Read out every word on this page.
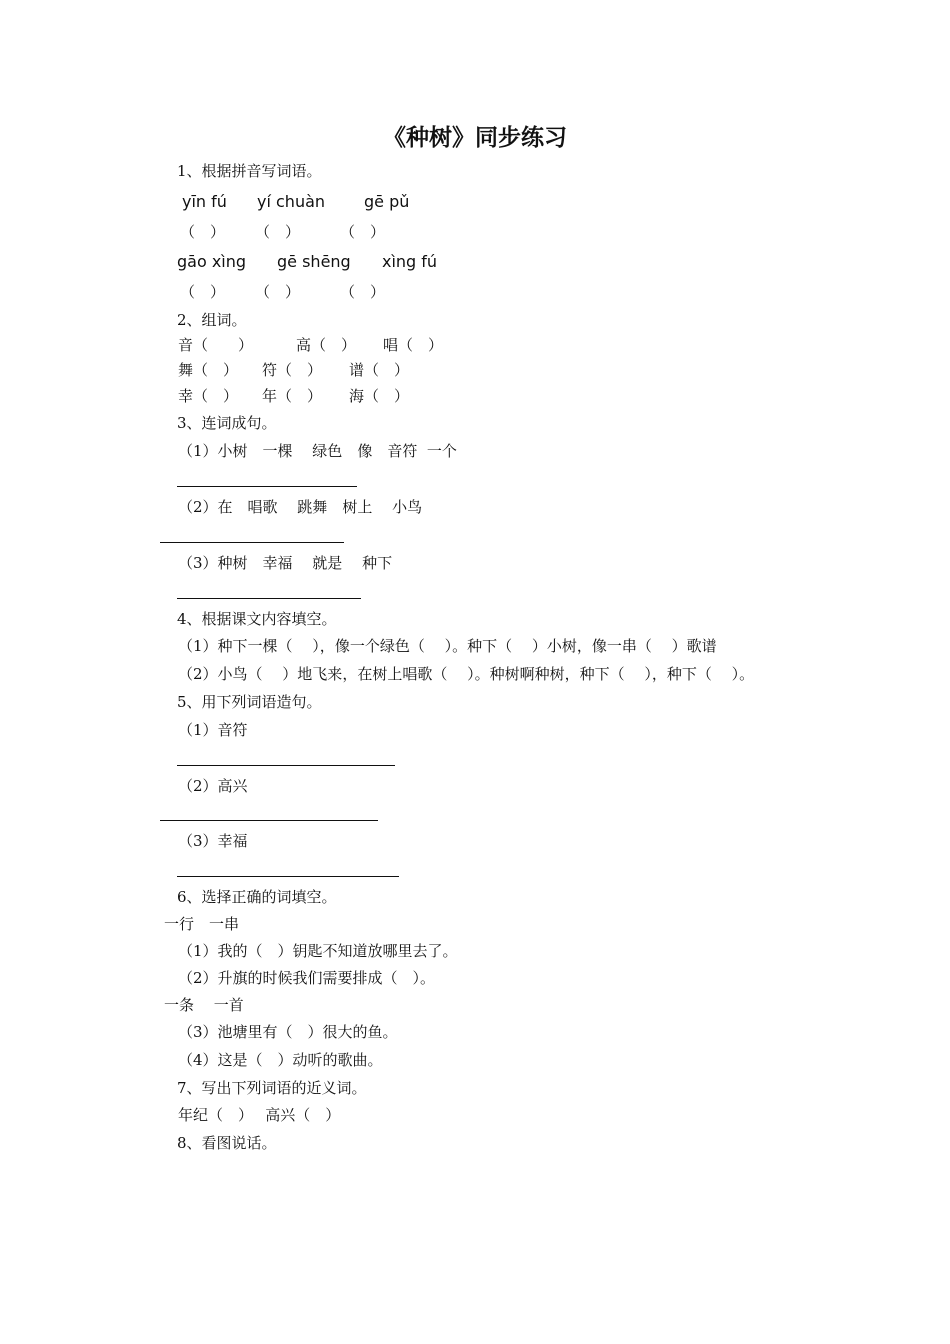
《种树》同步练习
1、根据拼音写词语。
yīn fú yí chuàn gē pǔ
（　） （　）	（　）
gāo xìng gē shēng xìng fú
（　） （　）	（　）
2、组词。
音（　　）	高（　） 唱（　）
舞（　） 符（　） 谱（　）
幸（　） 年（　） 海（　）
3、连词成句。
（1）小树　一棵　 绿色　像　音符  一个
（2）在　唱歌　 跳舞　树上　 小鸟
（3）种树　幸福　 就是　 种下
4、根据课文内容填空。
（1）种下一棵（　 ），像一个绿色（　 ）。种下（　 ）小树，像一串（　 ）歌谱
（2）小鸟（　 ）地飞来，在树上唱歌（　 ）。种树啊种树，种下（　 ），种下（　 ）。
5、用下列词语造句。
（1）音符
（2）高兴
（3）幸福
6、选择正确的词填空。
一行　一串
（1）我的（　）钥匙不知道放哪里去了。
（2）升旗的时候我们需要排成（　）。
一条　 一首
（3）池塘里有（　）很大的鱼。
（4）这是（　）动听的歌曲。
7、写出下列词语的近义词。
年纪（　）　 高兴（　）
8、看图说话。
